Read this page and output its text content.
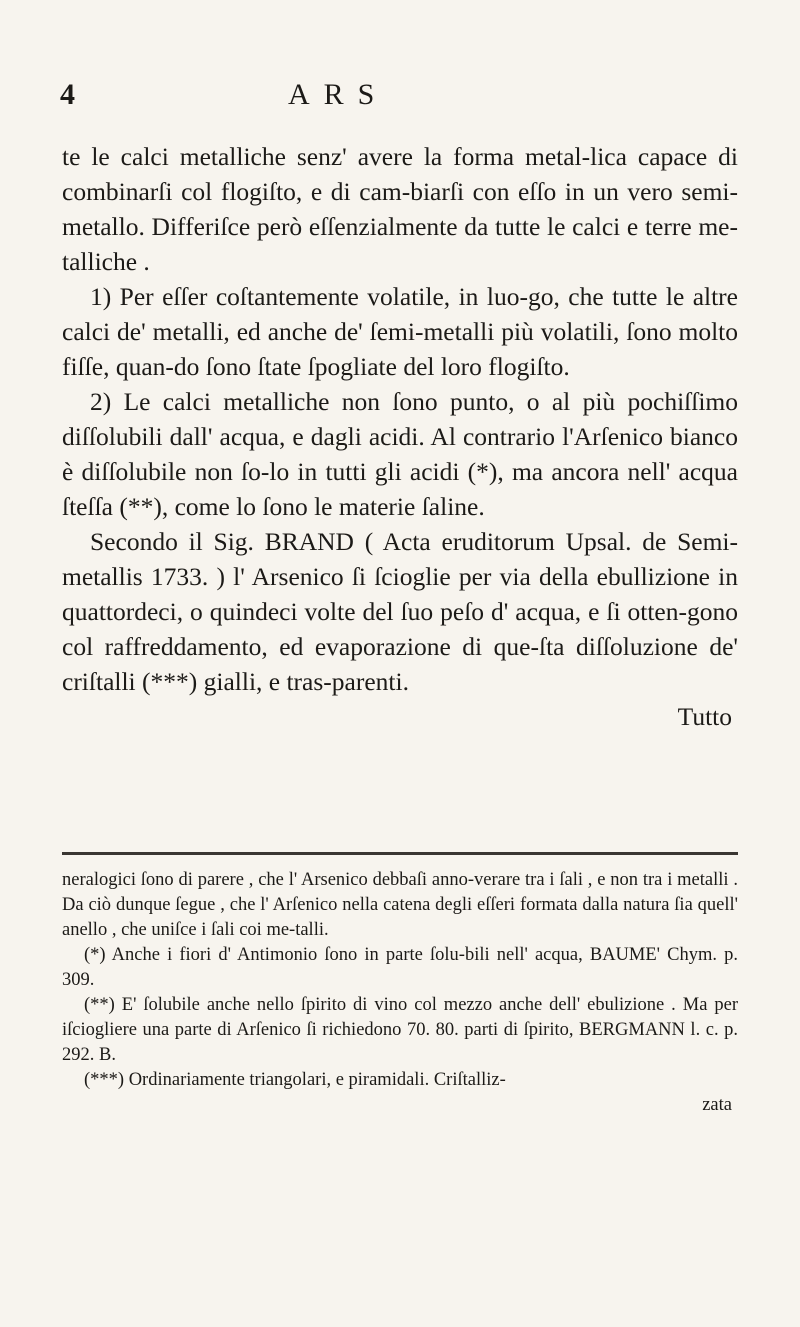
4	ARS

te le calci metalliche senz' avere la forma metal-lica capace di combinarſi col flogiſto, e di cam-biarſi con eſſo in un vero semi-metallo. Differiſce però eſſenzialmente da tutte le calci e terre me-talliche .

1) Per eſſer coſtantemente volatile, in luo-go, che tutte le altre calci de' metalli, ed anche de' ſemi-metalli più volatili, ſono molto fiſſe, quan-do ſono ſtate ſpogliate del loro flogiſto.

2) Le calci metalliche non ſono punto, o al più pochiſſimo diſſolubili dall' acqua, e dagli acidi. Al contrario l'Arſenico bianco è diſſolubile non ſo-lo in tutti gli acidi (*), ma ancora nell' acqua ſteſſa (**), come lo ſono le materie ſaline.

Secondo il Sig. BRAND ( Acta eruditorum Upsal. de Semi-metallis 1733. ) l' Arsenico ſi ſcioglie per via della ebullizione in quattordeci, o quindeci volte del ſuo peſo d' acqua, e ſi otten-gono col raffreddamento, ed evaporazione di que-ſta diſſoluzione de' criſtalli (***) gialli, e tras-parenti.

Tutto

neralogici ſono di parere , che l' Arsenico debbaſi anno-verare tra i ſali , e non tra i metalli . Da ciò dunque ſegue , che l' Arſenico nella catena degli eſſeri formata dalla natura ſia quell' anello , che uniſce i ſali coi me-talli.

(*) Anche i fiori d' Antimonio ſono in parte ſolu-bili nell' acqua, BAUME' Chym. p. 309.

(**) E' ſolubile anche nello ſpirito di vino col mezzo anche dell' ebulizione . Ma per iſciogliere una parte di Arſenico ſi richiedono 70. 80. parti di ſpirito, BERGMANN l. c. p. 292. B.

(***) Ordinariamente triangolari, e piramidali. Criſtalliz-

zata
